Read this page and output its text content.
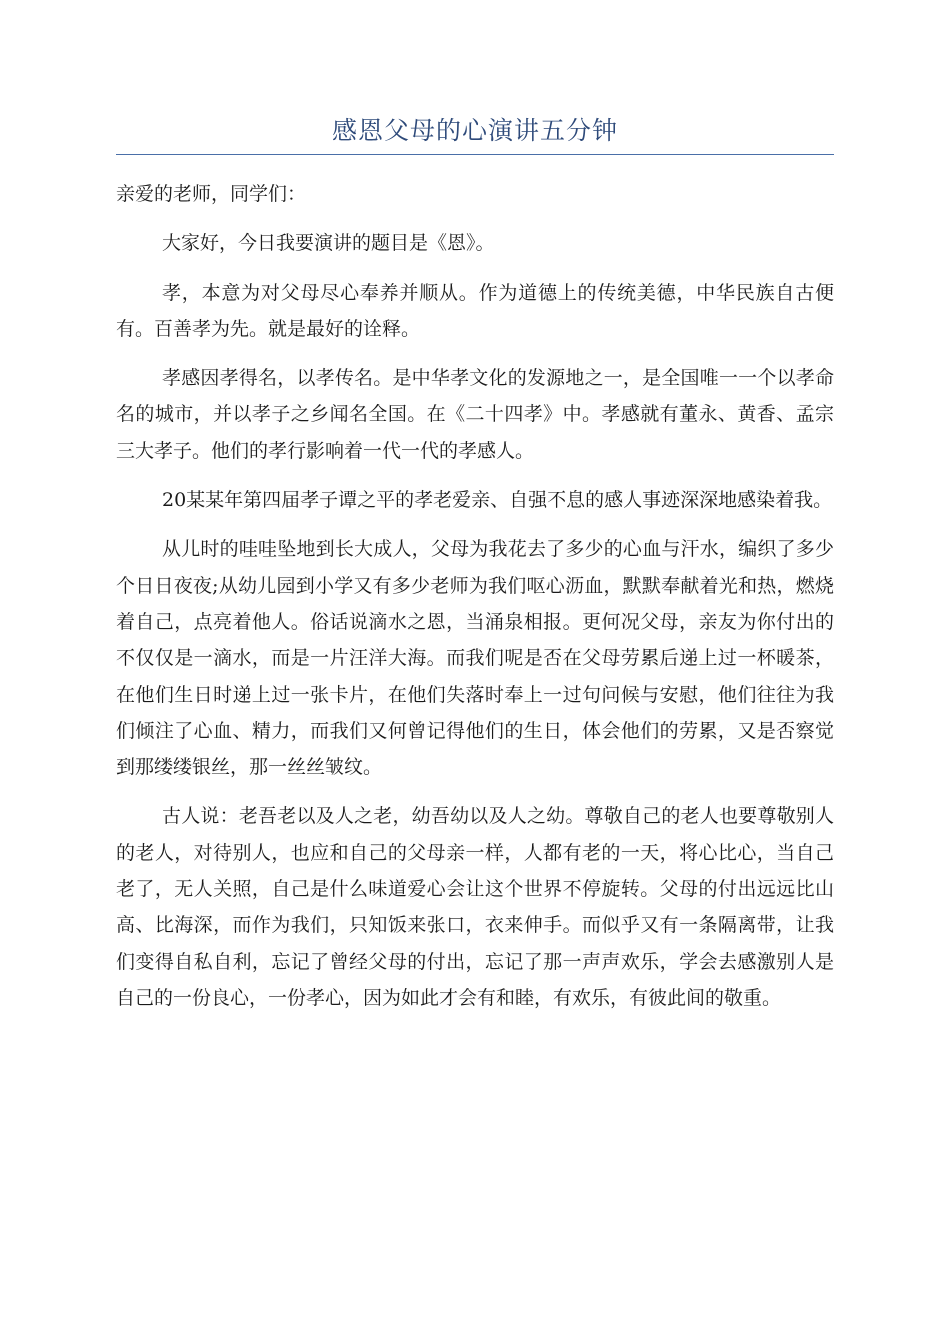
感恩父母的心演讲五分钟

亲爱的老师，同学们：

大家好，今日我要演讲的题目是《恩》。

孝，本意为对父母尽心奉养并顺从。作为道德上的传统美德，中华民族自古便有。百善孝为先。就是最好的诠释。

孝感因孝得名，以孝传名。是中华孝文化的发源地之一，是全国唯一一个以孝命名的城市，并以孝子之乡闻名全国。在《二十四孝》中。孝感就有董永、黄香、孟宗三大孝子。他们的孝行影响着一代一代的孝感人。

20某某年第四届孝子谭之平的孝老爱亲、自强不息的感人事迹深深地感染着我。

从儿时的哇哇坠地到长大成人，父母为我花去了多少的心血与汗水，编织了多少个日日夜夜;从幼儿园到小学又有多少老师为我们呕心沥血，默默奉献着光和热，燃烧着自己，点亮着他人。俗话说滴水之恩，当涌泉相报。更何况父母，亲友为你付出的不仅仅是一滴水，而是一片汪洋大海。而我们呢是否在父母劳累后递上过一杯暖茶，在他们生日时递上过一张卡片，在他们失落时奉上一过句问候与安慰，他们往往为我们倾注了心血、精力，而我们又何曾记得他们的生日，体会他们的劳累，又是否察觉到那缕缕银丝，那一丝丝皱纹。

古人说：老吾老以及人之老，幼吾幼以及人之幼。尊敬自己的老人也要尊敬别人的老人，对待别人，也应和自己的父母亲一样，人都有老的一天，将心比心，当自己老了，无人关照，自己是什么味道爱心会让这个世界不停旋转。父母的付出远远比山高、比海深，而作为我们，只知饭来张口，衣来伸手。而似乎又有一条隔离带，让我们变得自私自利，忘记了曾经父母的付出，忘记了那一声声欢乐，学会去感激别人是自己的一份良心，一份孝心，因为如此才会有和睦，有欢乐，有彼此间的敬重。
